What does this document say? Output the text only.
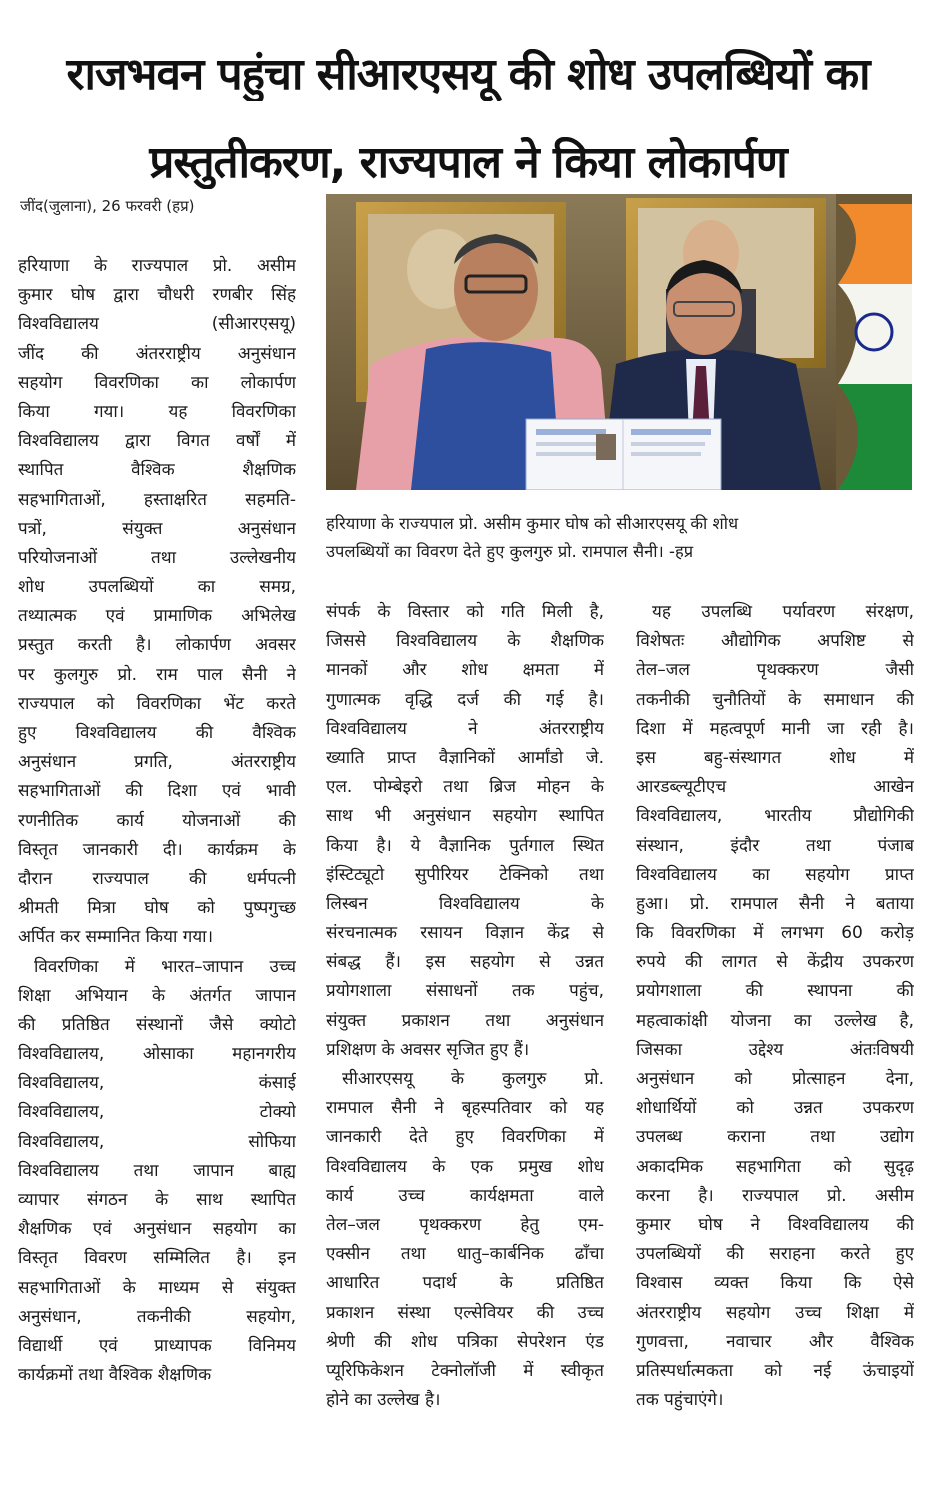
राजभवन पहुंचा सीआरएसयू की शोध उपलब्धियों का
प्रस्तुतीकरण, राज्यपाल ने किया लोकार्पण
जींद(जुलाना), 26 फरवरी (हप्र)
हरियाणा के राज्यपाल प्रो. असीम कुमार घोष को सीआरएसयू की शोध
उपलब्धियों का विवरण देते हुए कुलगुरु प्रो. रामपाल सैनी। -हप्र
हरियाणा के राज्यपाल प्रो. असीम
कुमार घोष द्वारा चौधरी रणबीर सिंह
विश्वविद्यालय (सीआरएसयू)
जींद की अंतरराष्ट्रीय अनुसंधान
सहयोग विवरणिका का लोकार्पण
किया गया। यह विवरणिका
विश्वविद्यालय द्वारा विगत वर्षों में
स्थापित वैश्विक शैक्षणिक
सहभागिताओं, हस्ताक्षरित सहमति-
पत्रों, संयुक्त अनुसंधान
परियोजनाओं तथा उल्लेखनीय
शोध उपलब्धियों का समग्र,
तथ्यात्मक एवं प्रामाणिक अभिलेख
प्रस्तुत करती है। लोकार्पण अवसर
पर कुलगुरु प्रो. राम पाल सैनी ने
राज्यपाल को विवरणिका भेंट करते
हुए विश्वविद्यालय की वैश्विक
अनुसंधान प्रगति, अंतरराष्ट्रीय
सहभागिताओं की दिशा एवं भावी
रणनीतिक कार्य योजनाओं की
विस्तृत जानकारी दी। कार्यक्रम के
दौरान राज्यपाल की धर्मपत्नी
श्रीमती मित्रा घोष को पुष्पगुच्छ
अर्पित कर सम्मानित किया गया।
विवरणिका में भारत–जापान उच्च
शिक्षा अभियान के अंतर्गत जापान
की प्रतिष्ठित संस्थानों जैसे क्योटो
विश्वविद्यालय, ओसाका महानगरीय
विश्वविद्यालय, कंसाई
विश्वविद्यालय, टोक्यो
विश्वविद्यालय, सोफिया
विश्वविद्यालय तथा जापान बाह्य
व्यापार संगठन के साथ स्थापित
शैक्षणिक एवं अनुसंधान सहयोग का
विस्तृत विवरण सम्मिलित है। इन
सहभागिताओं के माध्यम से संयुक्त
अनुसंधान, तकनीकी सहयोग,
विद्यार्थी एवं प्राध्यापक विनिमय
कार्यक्रमों तथा वैश्विक शैक्षणिक
संपर्क के विस्तार को गति मिली है,
जिससे विश्वविद्यालय के शैक्षणिक
मानकों और शोध क्षमता में
गुणात्मक वृद्धि दर्ज की गई है।
विश्वविद्यालय ने अंतरराष्ट्रीय
ख्याति प्राप्त वैज्ञानिकों आर्मांडो जे.
एल. पोम्बेइरो तथा ब्रिज मोहन के
साथ भी अनुसंधान सहयोग स्थापित
किया है। ये वैज्ञानिक पुर्तगाल स्थित
इंस्टिट्यूटो सुपीरियर टेक्निको तथा
लिस्बन विश्वविद्यालय के
संरचनात्मक रसायन विज्ञान केंद्र से
संबद्ध हैं। इस सहयोग से उन्नत
प्रयोगशाला संसाधनों तक पहुंच,
संयुक्त प्रकाशन तथा अनुसंधान
प्रशिक्षण के अवसर सृजित हुए हैं।
सीआरएसयू के कुलगुरु प्रो.
रामपाल सैनी ने बृहस्पतिवार को यह
जानकारी देते हुए विवरणिका में
विश्वविद्यालय के एक प्रमुख शोध
कार्य उच्च कार्यक्षमता वाले
तेल–जल पृथक्करण हेतु एम-
एक्सीन तथा धातु–कार्बनिक ढाँचा
आधारित पदार्थ के प्रतिष्ठित
प्रकाशन संस्था एल्सेवियर की उच्च
श्रेणी की शोध पत्रिका सेपरेशन एंड
प्यूरिफिकेशन टेक्नोलॉजी में स्वीकृत
होने का उल्लेख है।
यह उपलब्धि पर्यावरण संरक्षण,
विशेषतः औद्योगिक अपशिष्ट से
तेल–जल पृथक्करण जैसी
तकनीकी चुनौतियों के समाधान की
दिशा में महत्वपूर्ण मानी जा रही है।
इस बहु-संस्थागत शोध में
आरडब्ल्यूटीएच आखेन
विश्वविद्यालय, भारतीय प्रौद्योगिकी
संस्थान, इंदौर तथा पंजाब
विश्वविद्यालय का सहयोग प्राप्त
हुआ। प्रो. रामपाल सैनी ने बताया
कि विवरणिका में लगभग 60 करोड़
रुपये की लागत से केंद्रीय उपकरण
प्रयोगशाला की स्थापना की
महत्वाकांक्षी योजना का उल्लेख है,
जिसका उद्देश्य अंतःविषयी
अनुसंधान को प्रोत्साहन देना,
शोधार्थियों को उन्नत उपकरण
उपलब्ध कराना तथा उद्योग
अकादमिक सहभागिता को सुदृढ़
करना है। राज्यपाल प्रो. असीम
कुमार घोष ने विश्वविद्यालय की
उपलब्धियों की सराहना करते हुए
विश्वास व्यक्त किया कि ऐसे
अंतरराष्ट्रीय सहयोग उच्च शिक्षा में
गुणवत्ता, नवाचार और वैश्विक
प्रतिस्पर्धात्मकता को नई ऊंचाइयों
तक पहुंचाएंगे।
